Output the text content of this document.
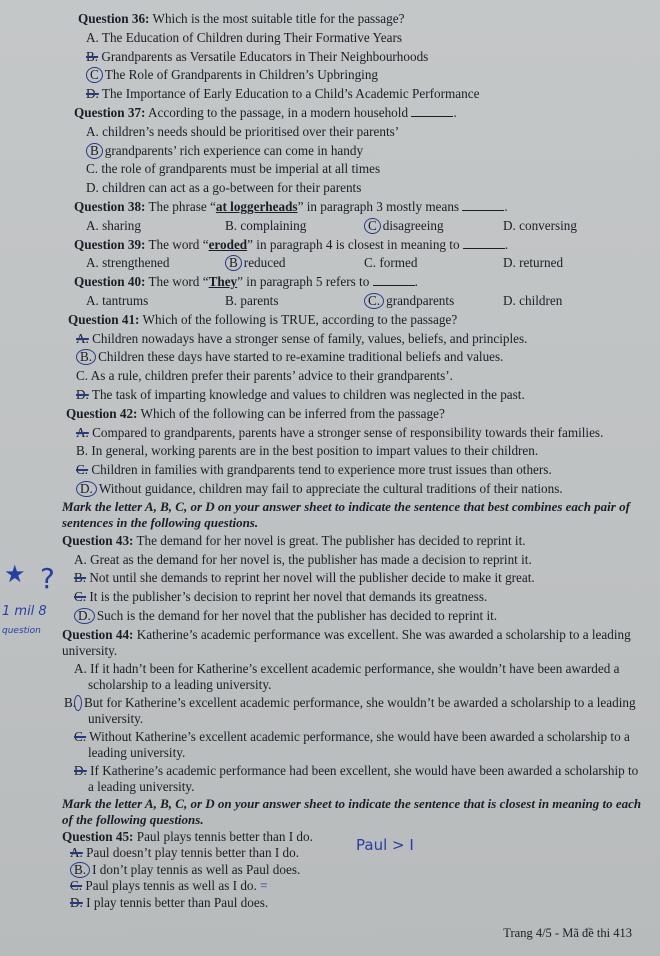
Question 36: Which is the most suitable title for the passage?
A. The Education of Children during Their Formative Years
B. Grandparents as Versatile Educators in Their Neighbourhoods
C The Role of Grandparents in Children’s Upbringing
D. The Importance of Early Education to a Child’s Academic Performance
Question 37: According to the passage, in a modern household	.
A. children’s needs should be prioritised over their parents’
B grandparents’ rich experience can come in handy
C. the role of grandparents must be imperial at all times
D. children can act as a go-between for their parents
Question 38: The phrase “at loggerheads” in paragraph 3 mostly means	.
A. sharing	B. complaining	C disagreeing	D. conversing
Question 39: The word “eroded” in paragraph 4 is closest in meaning to	.
A. strengthened	B reduced	C. formed	D. returned
Question 40: The word “They” in paragraph 5 refers to	.
A. tantrums	B. parents	C. grandparents	D. children
Question 41: Which of the following is TRUE, according to the passage?
A. Children nowadays have a stronger sense of family, values, beliefs, and principles.
B. Children these days have started to re-examine traditional beliefs and values.
C. As a rule, children prefer their parents’ advice to their grandparents’.
D. The task of imparting knowledge and values to children was neglected in the past.
Question 42: Which of the following can be inferred from the passage?
A. Compared to grandparents, parents have a stronger sense of responsibility towards their families.
B. In general, working parents are in the best position to impart values to their children.
C. Children in families with grandparents tend to experience more trust issues than others.
D. Without guidance, children may fail to appreciate the cultural traditions of their nations.
Mark the letter A, B, C, or D on your answer sheet to indicate the sentence that best combines each pair of sentences in the following questions.
Question 43: The demand for her novel is great. The publisher has decided to reprint it.
A. Great as the demand for her novel is, the publisher has made a decision to reprint it.
B. Not until she demands to reprint her novel will the publisher decide to make it great.
C. It is the publisher’s decision to reprint her novel that demands its greatness.
D. Such is the demand for her novel that the publisher has decided to reprint it.
Question 44: Katherine’s academic performance was excellent. She was awarded a scholarship to a leading university.
A. If it hadn’t been for Katherine’s excellent academic performance, she wouldn’t have been awarded a scholarship to a leading university.
B. But for Katherine’s excellent academic performance, she wouldn’t be awarded a scholarship to a leading university.
C. Without Katherine’s excellent academic performance, she would have been awarded a scholarship to a leading university.
D. If Katherine’s academic performance had been excellent, she would have been awarded a scholarship to a leading university.
Mark the letter A, B, C, or D on your answer sheet to indicate the sentence that is closest in meaning to each of the following questions.
Question 45: Paul plays tennis better than I do.
A. Paul doesn’t play tennis better than I do.
B. I don’t play tennis as well as Paul does.
C. Paul plays tennis as well as I do. =
D. I play tennis better than Paul does.
★ ?
1 mil 8
question
Paul > I
Trang 4/5 - Mã đề thi 413
